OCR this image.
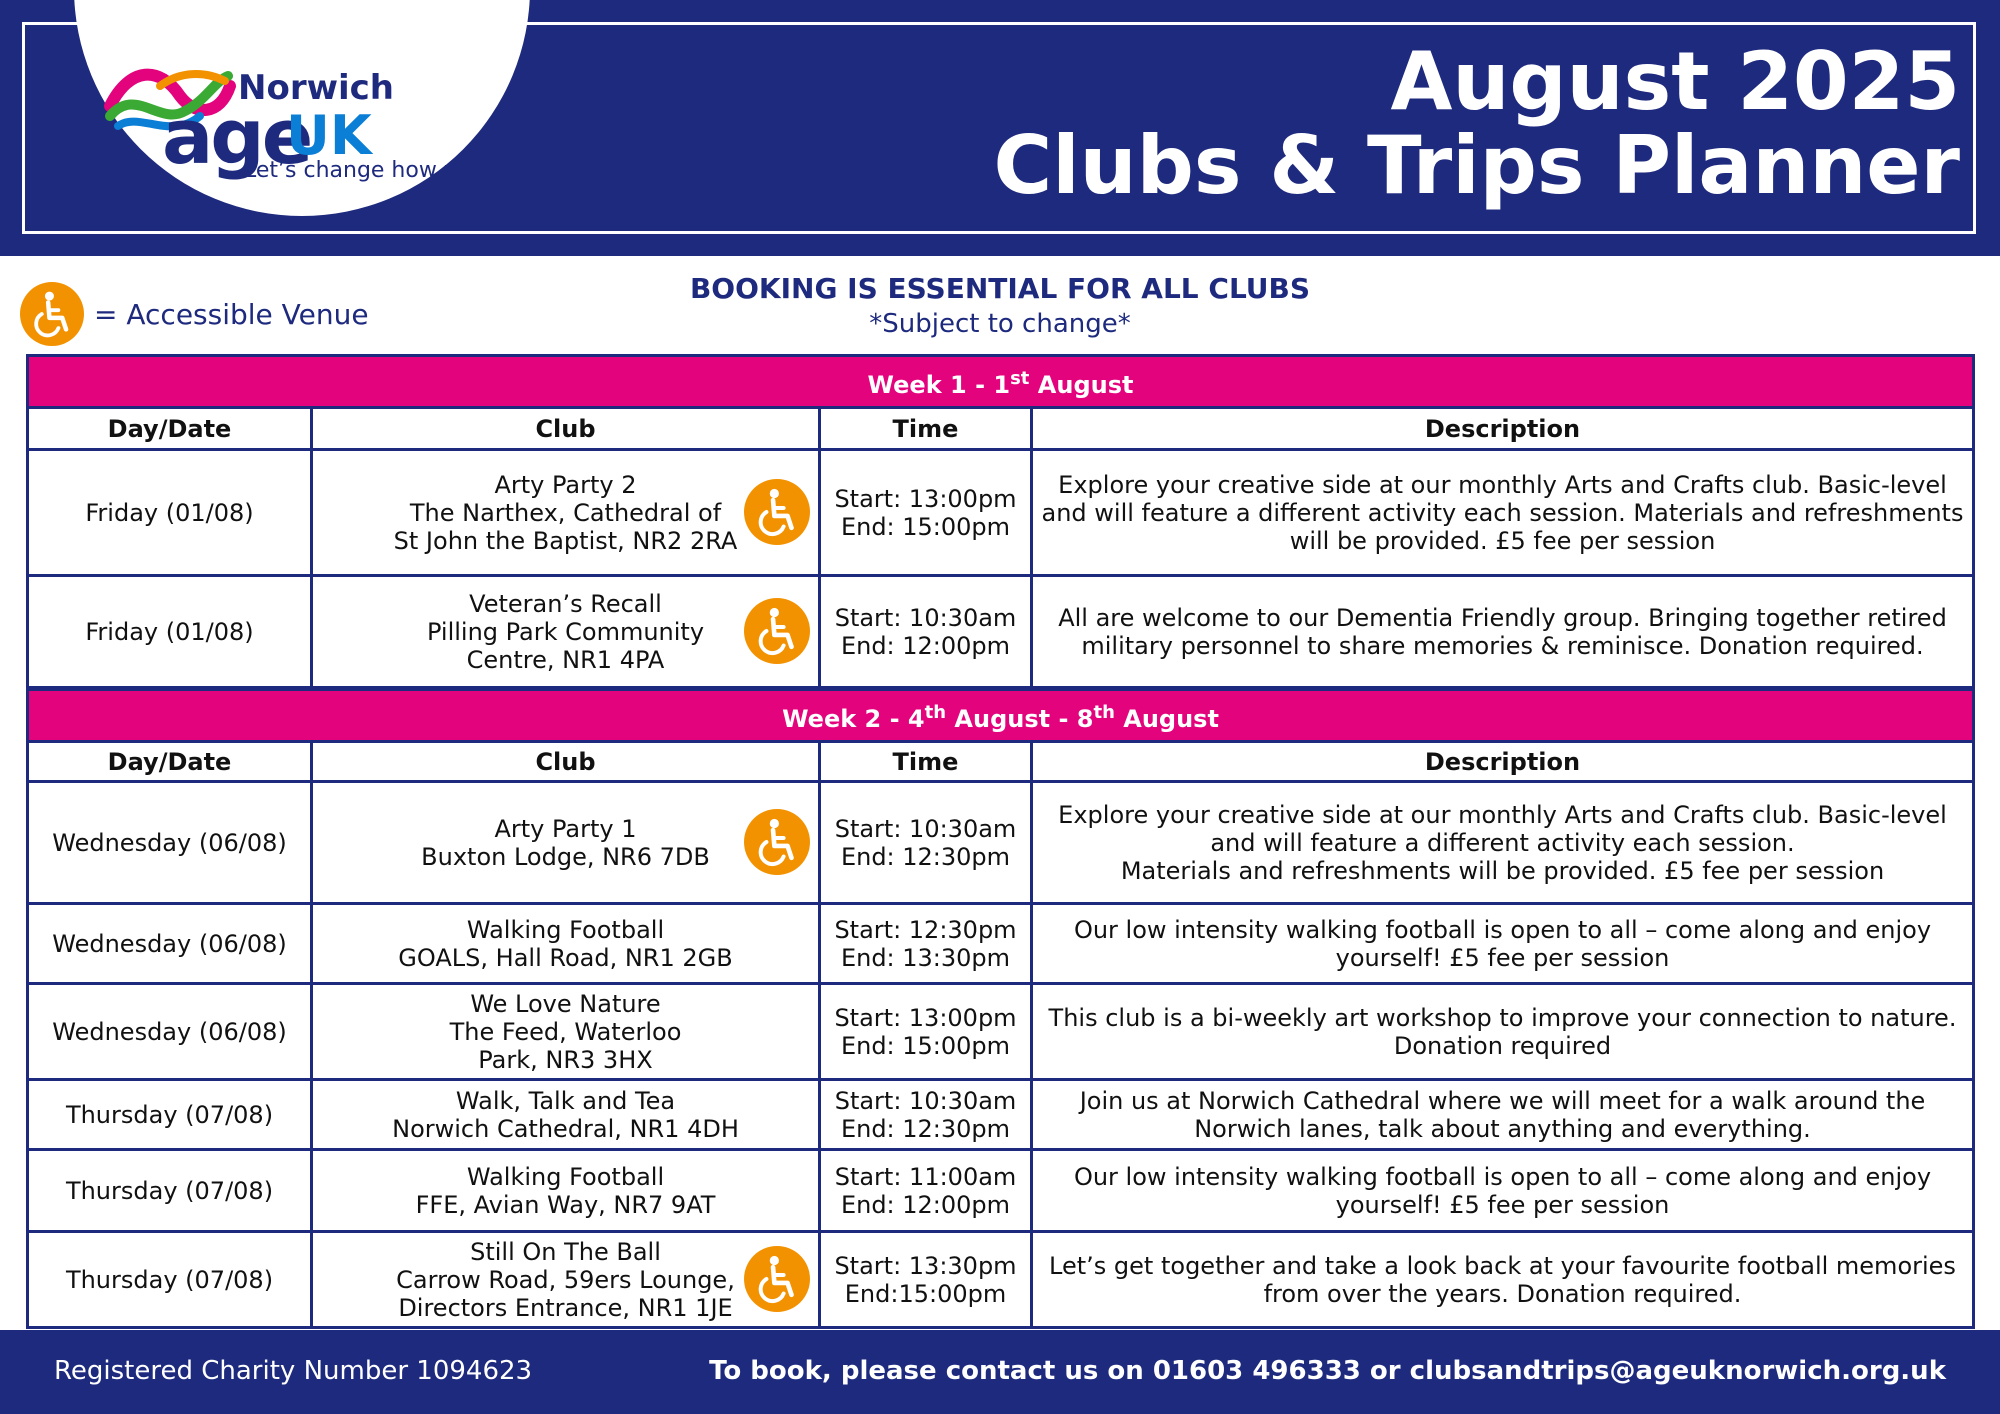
Norwich
age
UK
Let’s change how we age
August 2025
Clubs & Trips Planner
= Accessible Venue
BOOKING IS ESSENTIAL FOR ALL CLUBS
*Subject to change*
Week 1 - 1st August			
Day/Date	Club	Time	Description
Friday (01/08)	Arty Party 2
The Narthex, Cathedral of
St John the Baptist, NR2 2RA	Start: 13:00pm
End: 15:00pm	Explore your creative side at our monthly Arts and Crafts club. Basic-level and will feature a different activity each session. Materials and refreshments will be provided. £5 fee per session
Friday (01/08)	Veteran’s Recall
Pilling Park Community
Centre, NR1 4PA	Start: 10:30am
End: 12:00pm	All are welcome to our Dementia Friendly group. Bringing together retired military personnel to share memories & reminisce. Donation required.
Week 2 - 4th August - 8th August			
Day/Date	Club	Time	Description
Wednesday (06/08)	Arty Party 1
Buxton Lodge, NR6 7DB	Start: 10:30am
End: 12:30pm	Explore your creative side at our monthly Arts and Crafts club. Basic-level and will feature a different activity each session.
Materials and refreshments will be provided. £5 fee per session
Wednesday (06/08)	Walking Football
GOALS, Hall Road, NR1 2GB	Start: 12:30pm
End: 13:30pm	Our low intensity walking football is open to all – come along and enjoy yourself! £5 fee per session
Wednesday (06/08)	We Love Nature
The Feed, Waterloo
Park, NR3 3HX	Start: 13:00pm
End: 15:00pm	This club is a bi-weekly art workshop to improve your connection to nature. Donation required
Thursday (07/08)	Walk, Talk and Tea
Norwich Cathedral, NR1 4DH	Start: 10:30am
End: 12:30pm	Join us at Norwich Cathedral where we will meet for a walk around the Norwich lanes, talk about anything and everything.
Thursday (07/08)	Walking Football
FFE, Avian Way, NR7 9AT	Start: 11:00am
End: 12:00pm	Our low intensity walking football is open to all – come along and enjoy yourself! £5 fee per session
Thursday (07/08)	Still On The Ball
Carrow Road, 59ers Lounge,
Directors Entrance, NR1 1JE	Start: 13:30pm
End:15:00pm	Let’s get together and take a look back at your favourite football memories from over the years. Donation required.
Registered Charity Number 1094623	To book, please contact us on 01603 496333 or clubsandtrips@ageuknorwich.org.uk
